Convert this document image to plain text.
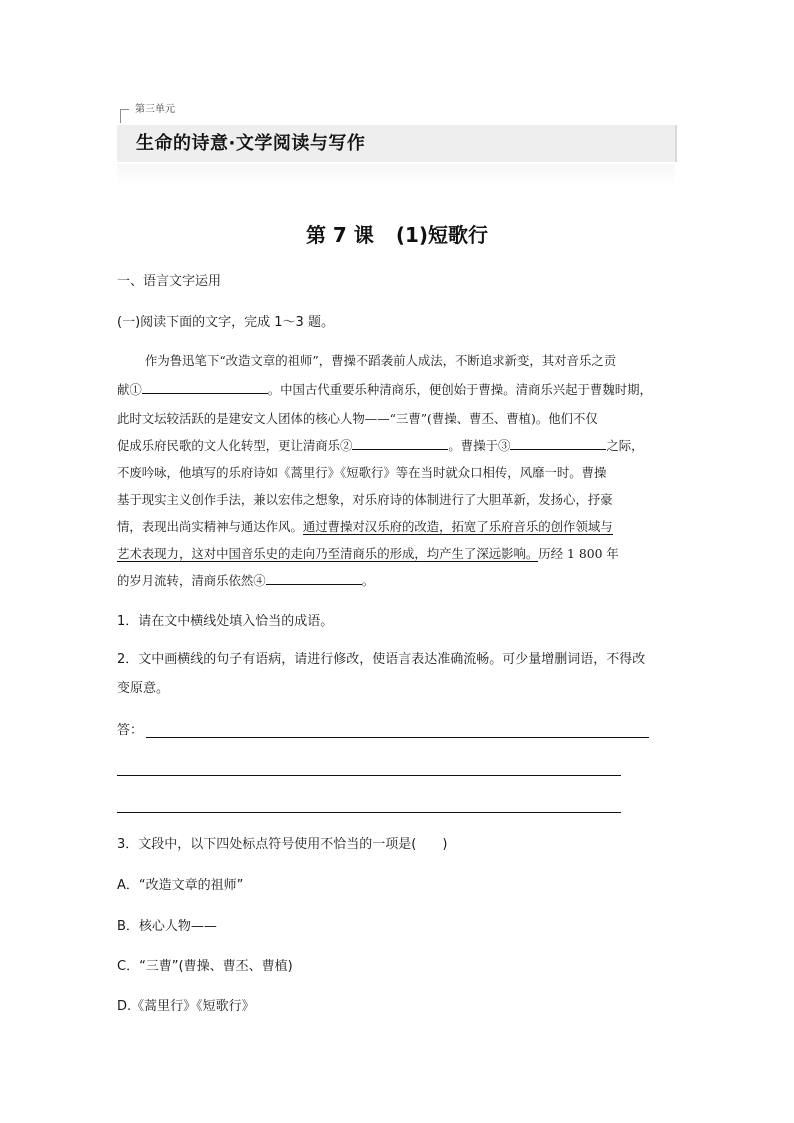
第三单元
生命的诗意·文学阅读与写作
第 7 课 (1)短歌行
一、语言文字运用
(一)阅读下面的文字，完成 1～3 题。
作为鲁迅笔下“改造文章的祖师”，曹操不蹈袭前人成法，不断追求新变，其对音乐之贡
献①	。中国古代重要乐种清商乐，便创始于曹操。清商乐兴起于曹魏时期，
此时文坛较活跃的是建安文人团体的核心人物——“三曹”(曹操、曹丕、曹植)。他们不仅
促成乐府民歌的文人化转型，更让清商乐②	。曹操于③	之际，
不废吟咏，他填写的乐府诗如《蒿里行》《短歌行》等在当时就众口相传，风靡一时。曹操
基于现实主义创作手法，兼以宏伟之想象，对乐府诗的体制进行了大胆革新，发扬心，抒豪
情，表现出尚实精神与通达作风。通过曹操对汉乐府的改造，拓宽了乐府音乐的创作领域与
艺术表现力，这对中国音乐史的走向乃至清商乐的形成，均产生了深远影响。历经 1 800 年
的岁月流转，清商乐依然④	。
1．请在文中横线处填入恰当的成语。
2．文中画横线的句子有语病，请进行修改，使语言表达准确流畅。可少量增删词语，不得改
变原意。
答：
3．文段中，以下四处标点符号使用不恰当的一项是(　　)
A．“改造文章的祖师”
B．核心人物——
C．“三曹”(曹操、曹丕、曹植)
D.《蒿里行》《短歌行》
